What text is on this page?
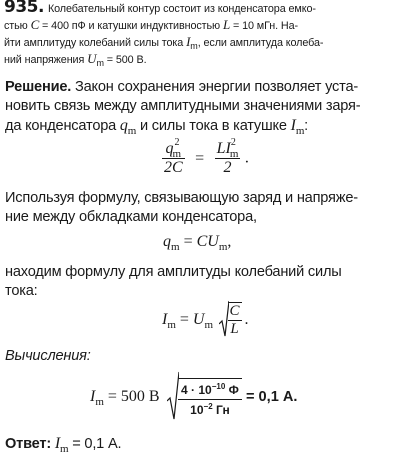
935. Колебательный контур состоит из конденсатора емко-
стью C = 400 пФ и катушки индуктивностью L = 10 мГн. На-
йти амплитуду колебаний силы тока $I_m$, если амплитуда колеба-
ний напряжения $U_m = 500$ В.
Решение. Закон сохранения энергии позволяет уста-
новить связь между амплитудными значениями заря-
да конденсатора $q_m$ и силы тока в катушке $I_m$:
$\frac{q^2_m}{2C} = \frac{LI^2_m}{2}$ .
Используя формулу, связывающую заряд и напряже-
ние между обкладками конденсатора,
$q_m = CU_m$,
находим формулу для амплитуды колебаний силы
тока:
$I_m = U_m \frac{C}{L}$ .
Вычисления:
$I_m = 500$ В $\frac{4 \cdot 10^{-10} Ф}{10^{-2} Гн} = 0,1$ А.
Ответ: $I_m = 0,1$ А.
